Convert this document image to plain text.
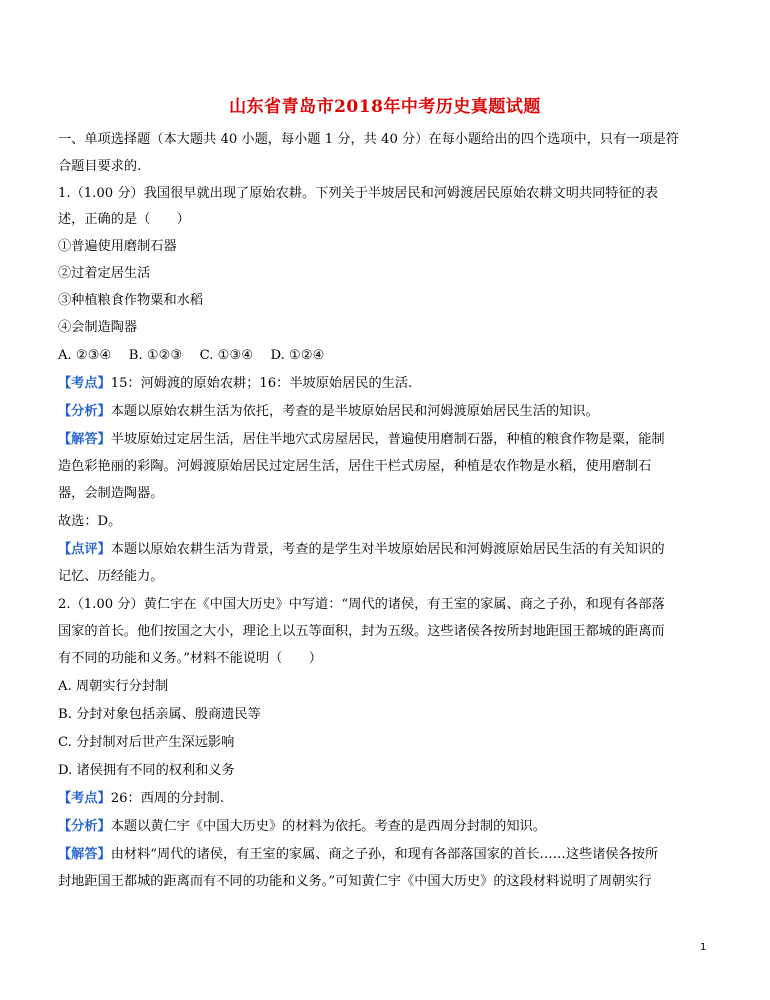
山东省青岛市2018年中考历史真题试题
一、单项选择题（本大题共 40 小题，每小题 1 分，共 40 分）在每小题给出的四个选项中，只有一项是符
合题目要求的.
1.（1.00 分）我国很早就出现了原始农耕。下列关于半坡居民和河姆渡居民原始农耕文明共同特征的表
述，正确的是（　　）
①普遍使用磨制石器
②过着定居生活
③种植粮食作物粟和水稻
④会制造陶器
A. ②③④　 B. ①②③　 C. ①③④　 D. ①②④
【考点】15：河姆渡的原始农耕；16：半坡原始居民的生活.
【分析】本题以原始农耕生活为依托，考查的是半坡原始居民和河姆渡原始居民生活的知识。
【解答】半坡原始过定居生活，居住半地穴式房屋居民，普遍使用磨制石器，种植的粮食作物是粟，能制
造色彩艳丽的彩陶。河姆渡原始居民过定居生活，居住干栏式房屋，种植是农作物是水稻，使用磨制石
器，会制造陶器。
故选：D。
【点评】本题以原始农耕生活为背景，考查的是学生对半坡原始居民和河姆渡原始居民生活的有关知识的
记忆、历经能力。
2.（1.00 分）黄仁宇在《中国大历史》中写道：“周代的诸侯，有王室的家属、商之子孙，和现有各部落
国家的首长。他们按国之大小，理论上以五等面积，封为五级。这些诸侯各按所封地距国王都城的距离而
有不同的功能和义务。”材料不能说明（　　）
A. 周朝实行分封制
B. 分封对象包括亲属、殷商遗民等
C. 分封制对后世产生深远影响
D. 诸侯拥有不同的权利和义务
【考点】26：西周的分封制.
【分析】本题以黄仁宇《中国大历史》的材料为依托。考查的是西周分封制的知识。
【解答】由材料“周代的诸侯，有王室的家属、商之子孙，和现有各部落国家的首长……这些诸侯各按所
封地距国王都城的距离而有不同的功能和义务。”可知黄仁宇《中国大历史》的这段材料说明了周朝实行
1
